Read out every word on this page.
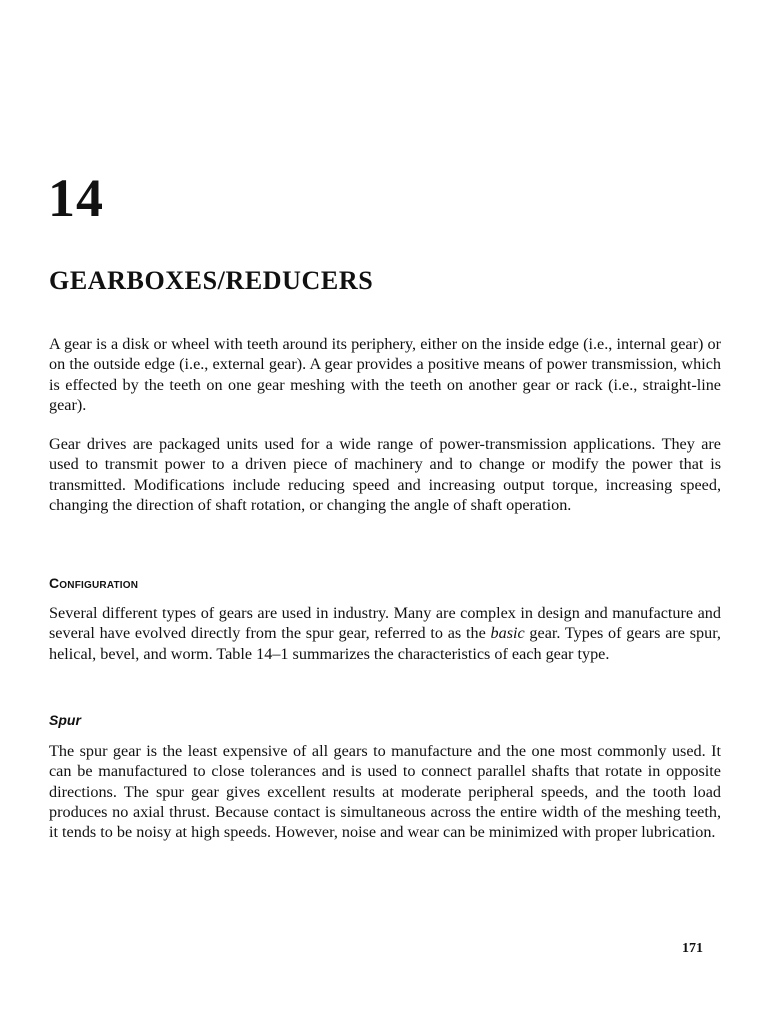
14
GEARBOXES/REDUCERS

A gear is a disk or wheel with teeth around its periphery, either on the inside edge (i.e., internal gear) or on the outside edge (i.e., external gear). A gear provides a positive means of power transmission, which is effected by the teeth on one gear meshing with the teeth on another gear or rack (i.e., straight-line gear).

Gear drives are packaged units used for a wide range of power-transmission applications. They are used to transmit power to a driven piece of machinery and to change or modify the power that is transmitted. Modifications include reducing speed and increasing output torque, increasing speed, changing the direction of shaft rotation, or changing the angle of shaft operation.

Configuration

Several different types of gears are used in industry. Many are complex in design and manufacture and several have evolved directly from the spur gear, referred to as the basic gear. Types of gears are spur, helical, bevel, and worm. Table 14–1 summarizes the characteristics of each gear type.

Spur

The spur gear is the least expensive of all gears to manufacture and the one most commonly used. It can be manufactured to close tolerances and is used to connect parallel shafts that rotate in opposite directions. The spur gear gives excellent results at moderate peripheral speeds, and the tooth load produces no axial thrust. Because contact is simultaneous across the entire width of the meshing teeth, it tends to be noisy at high speeds. However, noise and wear can be minimized with proper lubrication.

171
